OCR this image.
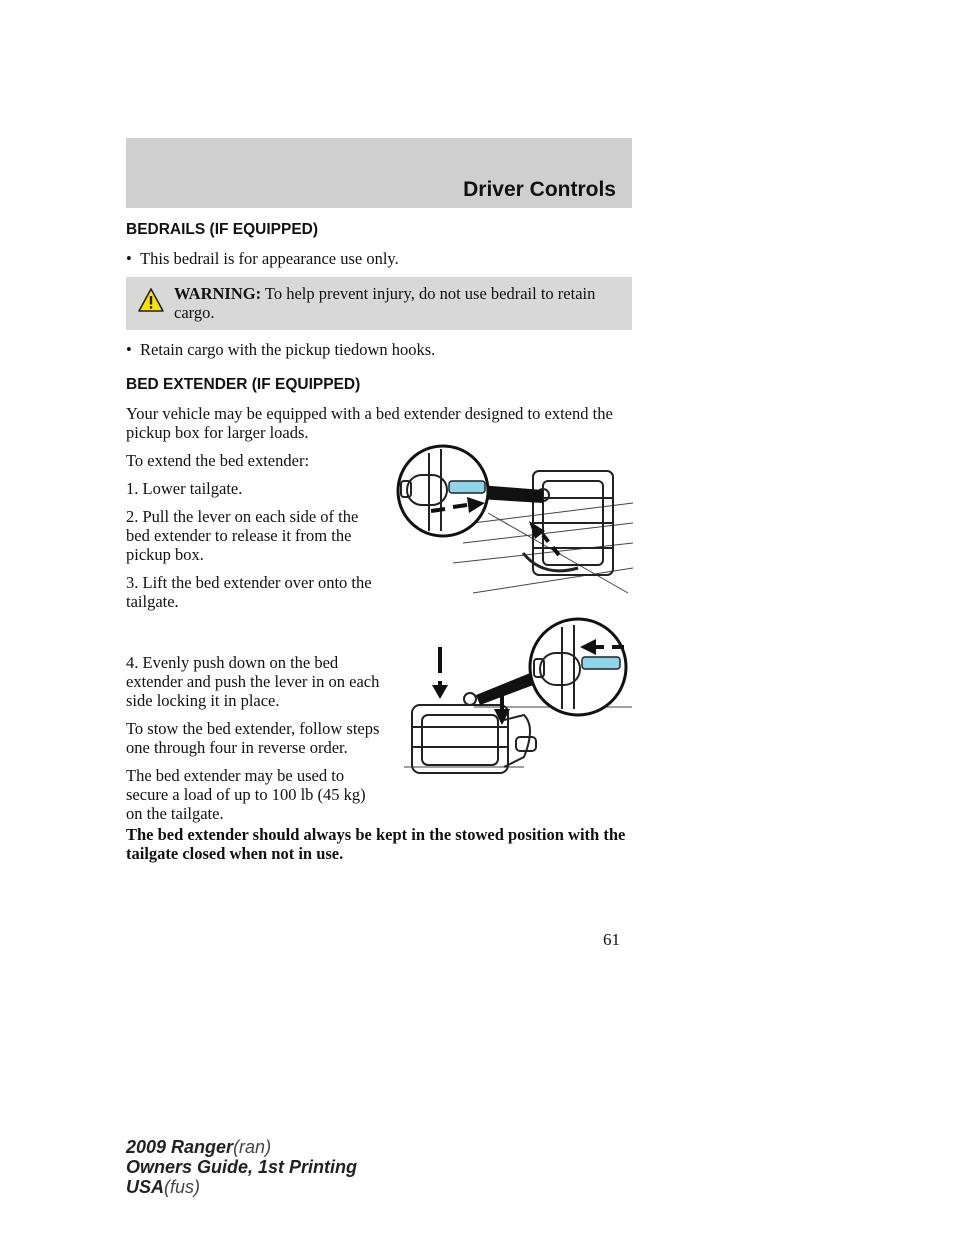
Driver Controls
BEDRAILS (IF EQUIPPED)

•  This bedrail is for appearance use only.

WARNING: To help prevent injury, do not use bedrail to retain cargo.

•  Retain cargo with the pickup tiedown hooks.

BED EXTENDER (IF EQUIPPED)

Your vehicle may be equipped with a bed extender designed to extend the pickup box for larger loads.

To extend the bed extender:

1. Lower tailgate.

2. Pull the lever on each side of the bed extender to release it from the pickup box.

3. Lift the bed extender over onto the tailgate.

4. Evenly push down on the bed extender and push the lever in on each side locking it in place.

To stow the bed extender, follow steps one through four in reverse order.

The bed extender may be used to secure a load of up to 100 lb (45 kg) on the tailgate.

The bed extender should always be kept in the stowed position with the tailgate closed when not in use.

61
2009 Ranger(ran)
Owners Guide, 1st Printing
USA(fus)
